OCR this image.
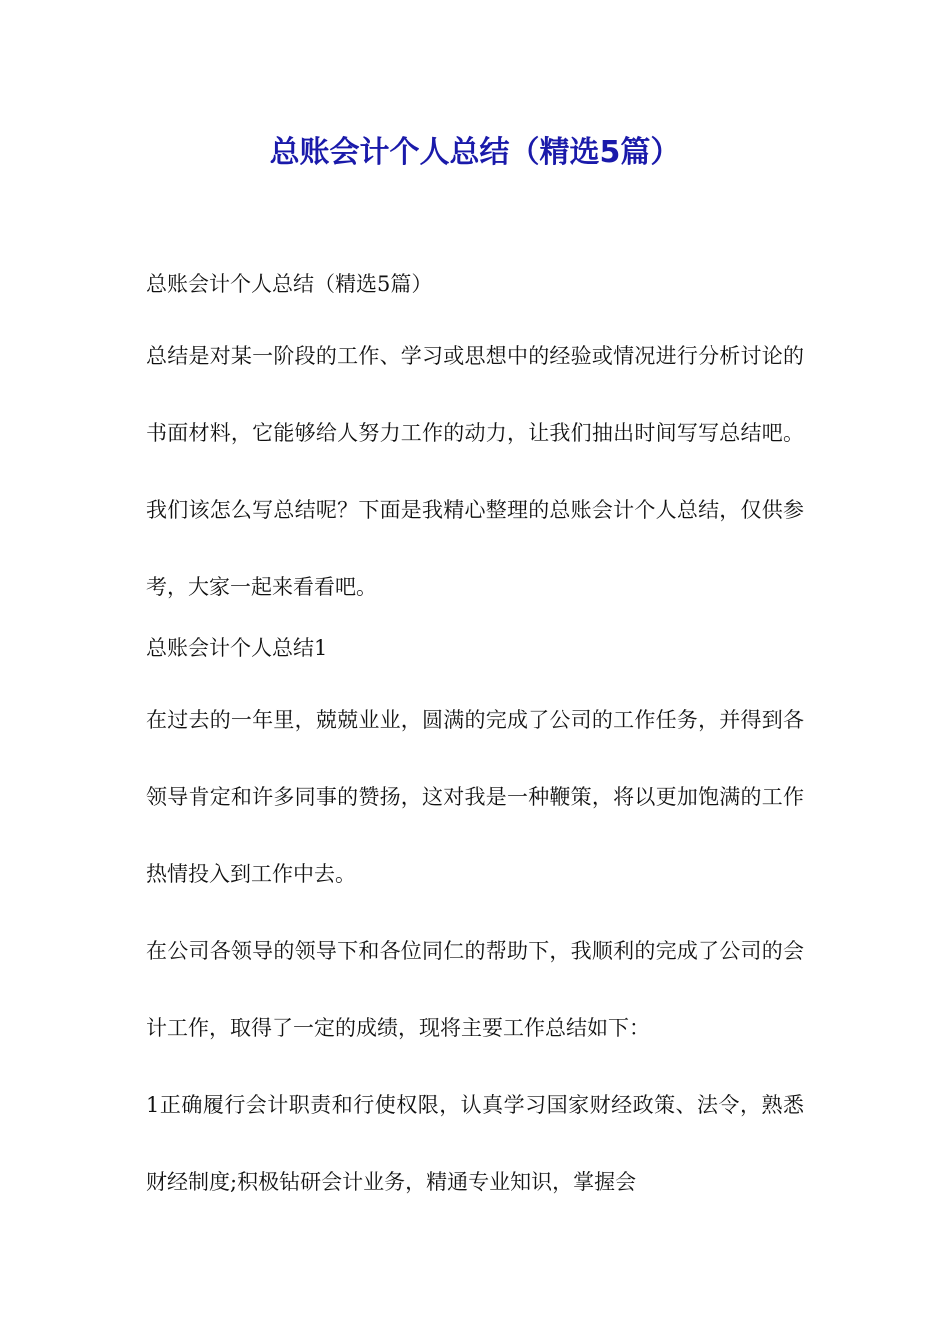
总账会计个人总结（精选5篇）

总账会计个人总结（精选5篇）

总结是对某一阶段的工作、学习或思想中的经验或情况进行分析讨论的书面材料，它能够给人努力工作的动力，让我们抽出时间写写总结吧。我们该怎么写总结呢？下面是我精心整理的总账会计个人总结，仅供参考，大家一起来看看吧。

总账会计个人总结1

在过去的一年里，兢兢业业，圆满的完成了公司的工作任务，并得到各领导肯定和许多同事的赞扬，这对我是一种鞭策，将以更加饱满的工作热情投入到工作中去。

在公司各领导的领导下和各位同仁的帮助下，我顺利的完成了公司的会计工作，取得了一定的成绩，现将主要工作总结如下：

1正确履行会计职责和行使权限，认真学习国家财经政策、法令，熟悉财经制度;积极钻研会计业务，精通专业知识，掌握会
